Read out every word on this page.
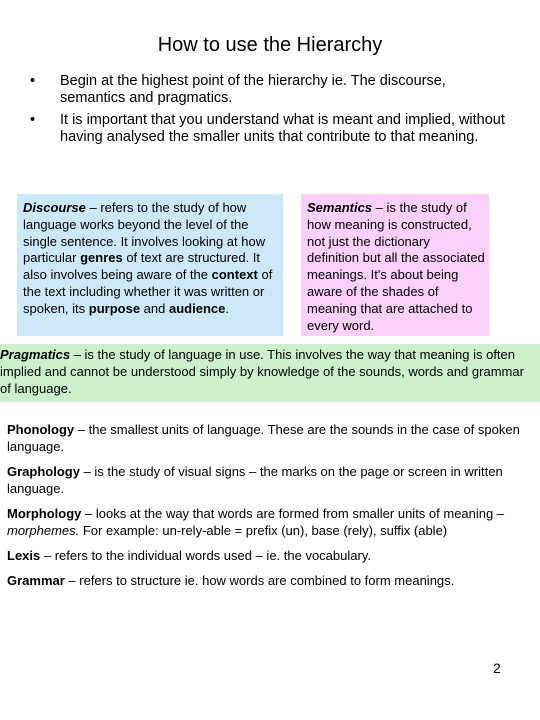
How to use the Hierarchy
•	Begin at the highest point of the hierarchy ie. The discourse, semantics and pragmatics.
•	It is important that you understand what is meant and implied, without having analysed the smaller units that contribute to that meaning.
Discourse – refers to the study of how language works beyond the level of the single sentence. It involves looking at how particular genres of text are structured. It also involves being aware of the context of the text including whether it was written or spoken, its purpose and audience.
Semantics – is the study of how meaning is constructed, not just the dictionary definition but all the associated meanings. It's about being aware of the shades of meaning that are attached to every word.
Pragmatics – is the study of language in use. This involves the way that meaning is often implied and cannot be understood simply by knowledge of the sounds, words and grammar of language.
Phonology – the smallest units of language. These are the sounds in the case of spoken language.
Graphology – is the study of visual signs – the marks on the page or screen in written language.
Morphology – looks at the way that words are formed from smaller units of meaning – morphemes. For example: un-rely-able = prefix (un), base (rely), suffix (able)
Lexis – refers to the individual words used – ie. the vocabulary.
Grammar – refers to structure ie. how words are combined to form meanings.
2
